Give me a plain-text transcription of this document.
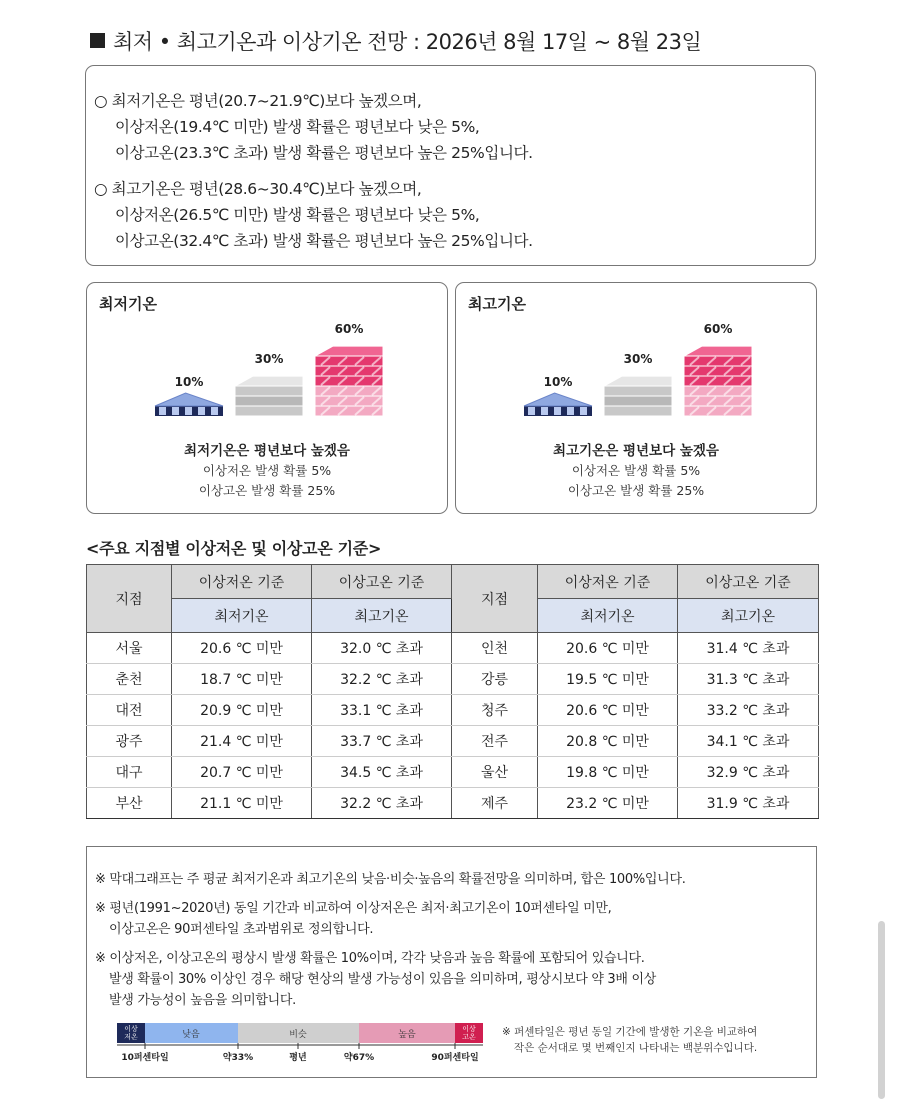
최저 • 최고기온과 이상기온 전망 : 2026년 8월 17일 ~ 8월 23일
○ 최저기온은 평년(20.7~21.9℃)보다 높겠으며,
이상저온(19.4℃ 미만) 발생 확률은 평년보다 낮은 5%,
이상고온(23.3℃ 초과) 발생 확률은 평년보다 높은 25%입니다.
○ 최고기온은 평년(28.6~30.4℃)보다 높겠으며,
이상저온(26.5℃ 미만) 발생 확률은 평년보다 낮은 5%,
이상고온(32.4℃ 초과) 발생 확률은 평년보다 높은 25%입니다.
최저기온
10%
30%
60%
최저기온은 평년보다 높겠음
이상저온 발생 확률 5%
이상고온 발생 확률 25%
최고기온
10%
30%
60%
최고기온은 평년보다 높겠음
이상저온 발생 확률 5%
이상고온 발생 확률 25%
<주요 지점별 이상저온 및 이상고온 기준>
지점	이상저온 기준	이상고온 기준	지점	이상저온 기준	이상고온 기준
	최저기온	최고기온		최저기온	최고기온
서울	20.6 ℃ 미만	32.0 ℃ 초과	인천	20.6 ℃ 미만	31.4 ℃ 초과
춘천	18.7 ℃ 미만	32.2 ℃ 초과	강릉	19.5 ℃ 미만	31.3 ℃ 초과
대전	20.9 ℃ 미만	33.1 ℃ 초과	청주	20.6 ℃ 미만	33.2 ℃ 초과
광주	21.4 ℃ 미만	33.7 ℃ 초과	전주	20.8 ℃ 미만	34.1 ℃ 초과
대구	20.7 ℃ 미만	34.5 ℃ 초과	울산	19.8 ℃ 미만	32.9 ℃ 초과
부산	21.1 ℃ 미만	32.2 ℃ 초과	제주	23.2 ℃ 미만	31.9 ℃ 초과
※ 막대그래프는 주 평균 최저기온과 최고기온의 낮음·비슷·높음의 확률전망을 의미하며, 합은 100%입니다.
※ 평년(1991~2020년) 동일 기간과 비교하여 이상저온은 최저·최고기온이 10퍼센타일 미만,
이상고온은 90퍼센타일 초과범위로 정의합니다.
※ 이상저온, 이상고온의 평상시 발생 확률은 10%이며, 각각 낮음과 높음 확률에 포함되어 있습니다.
발생 확률이 30% 이상인 경우 해당 현상의 발생 가능성이 있음을 의미하며, 평상시보다 약 3배 이상
발생 가능성이 높음을 의미합니다.
이상
저온	낮음	비슷	높음
이상
고온
10퍼센타일	약33%	평년	약67%	90퍼센타일
※ 퍼센타일은 평년 동일 기간에 발생한 기온을 비교하여
작은 순서대로 몇 번째인지 나타내는 백분위수입니다.
